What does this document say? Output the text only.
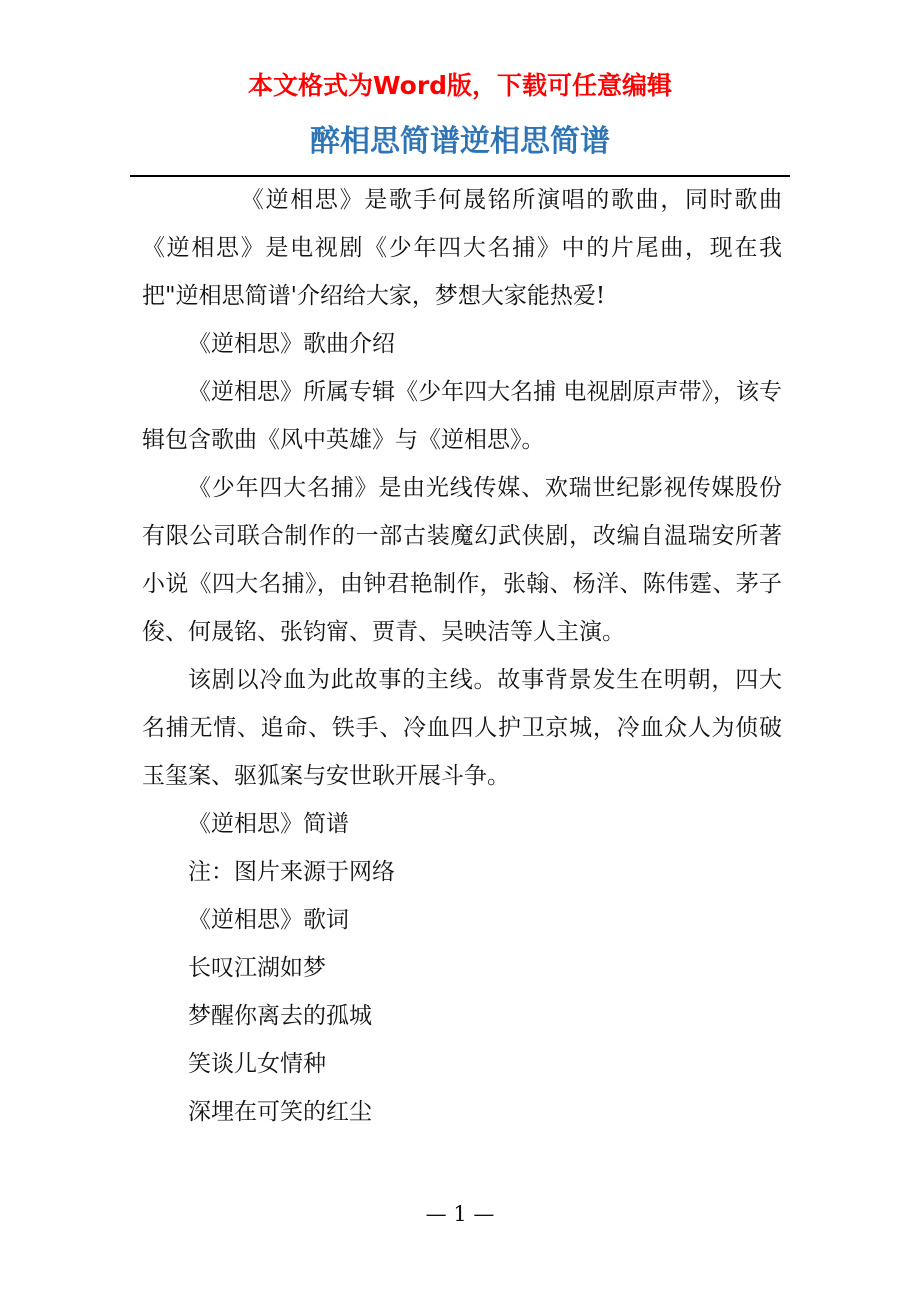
本文格式为Word版，下载可任意编辑
醉相思简谱逆相思简谱

《逆相思》是歌手何晟铭所演唱的歌曲，同时歌曲《逆相思》是电视剧《少年四大名捕》中的片尾曲，现在我把"逆相思简谱'介绍给大家，梦想大家能热爱!

《逆相思》歌曲介绍

《逆相思》所属专辑《少年四大名捕 电视剧原声带》，该专辑包含歌曲《风中英雄》与《逆相思》。

《少年四大名捕》是由光线传媒、欢瑞世纪影视传媒股份有限公司联合制作的一部古装魔幻武侠剧，改编自温瑞安所著小说《四大名捕》，由钟君艳制作，张翰、杨洋、陈伟霆、茅子俊、何晟铭、张钧甯、贾青、吴映洁等人主演。

该剧以冷血为此故事的主线。故事背景发生在明朝，四大名捕无情、追命、铁手、冷血四人护卫京城，冷血众人为侦破玉玺案、驱狐案与安世耿开展斗争。

《逆相思》简谱

注：图片来源于网络

《逆相思》歌词

长叹江湖如梦

梦醒你离去的孤城

笑谈儿女情种

深埋在可笑的红尘

— 1 —
